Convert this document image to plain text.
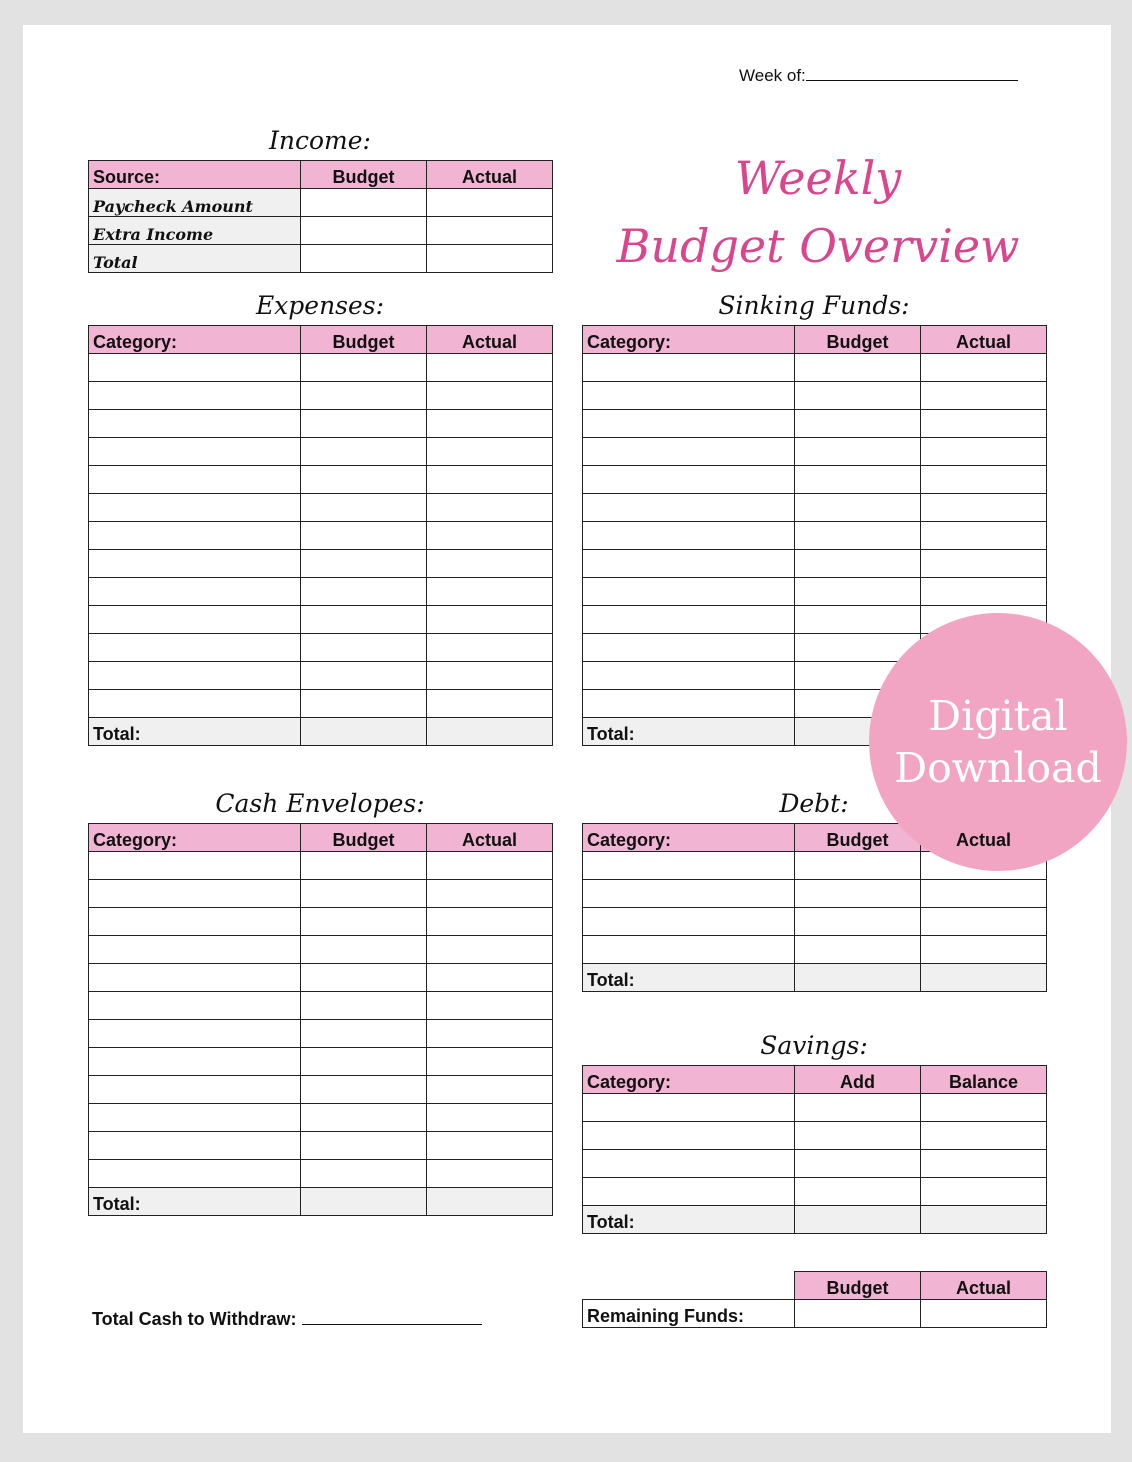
Week of:
Weekly
Budget Overview
Income:
Source:	Budget	Actual
Paycheck Amount		
Extra Income		
Total		
Expenses:
Category:	Budget	Actual

Total:		
Sinking Funds:
Category:	Budget	Actual

Total:		
Cash Envelopes:
Category:	Budget	Actual

Total:		
Debt:
Category:	Budget	Actual

Total:		
Savings:
Category:	Add	Balance

Total:		
	Budget	Actual
Remaining Funds:		
Total Cash to Withdraw:
Digital
Download
